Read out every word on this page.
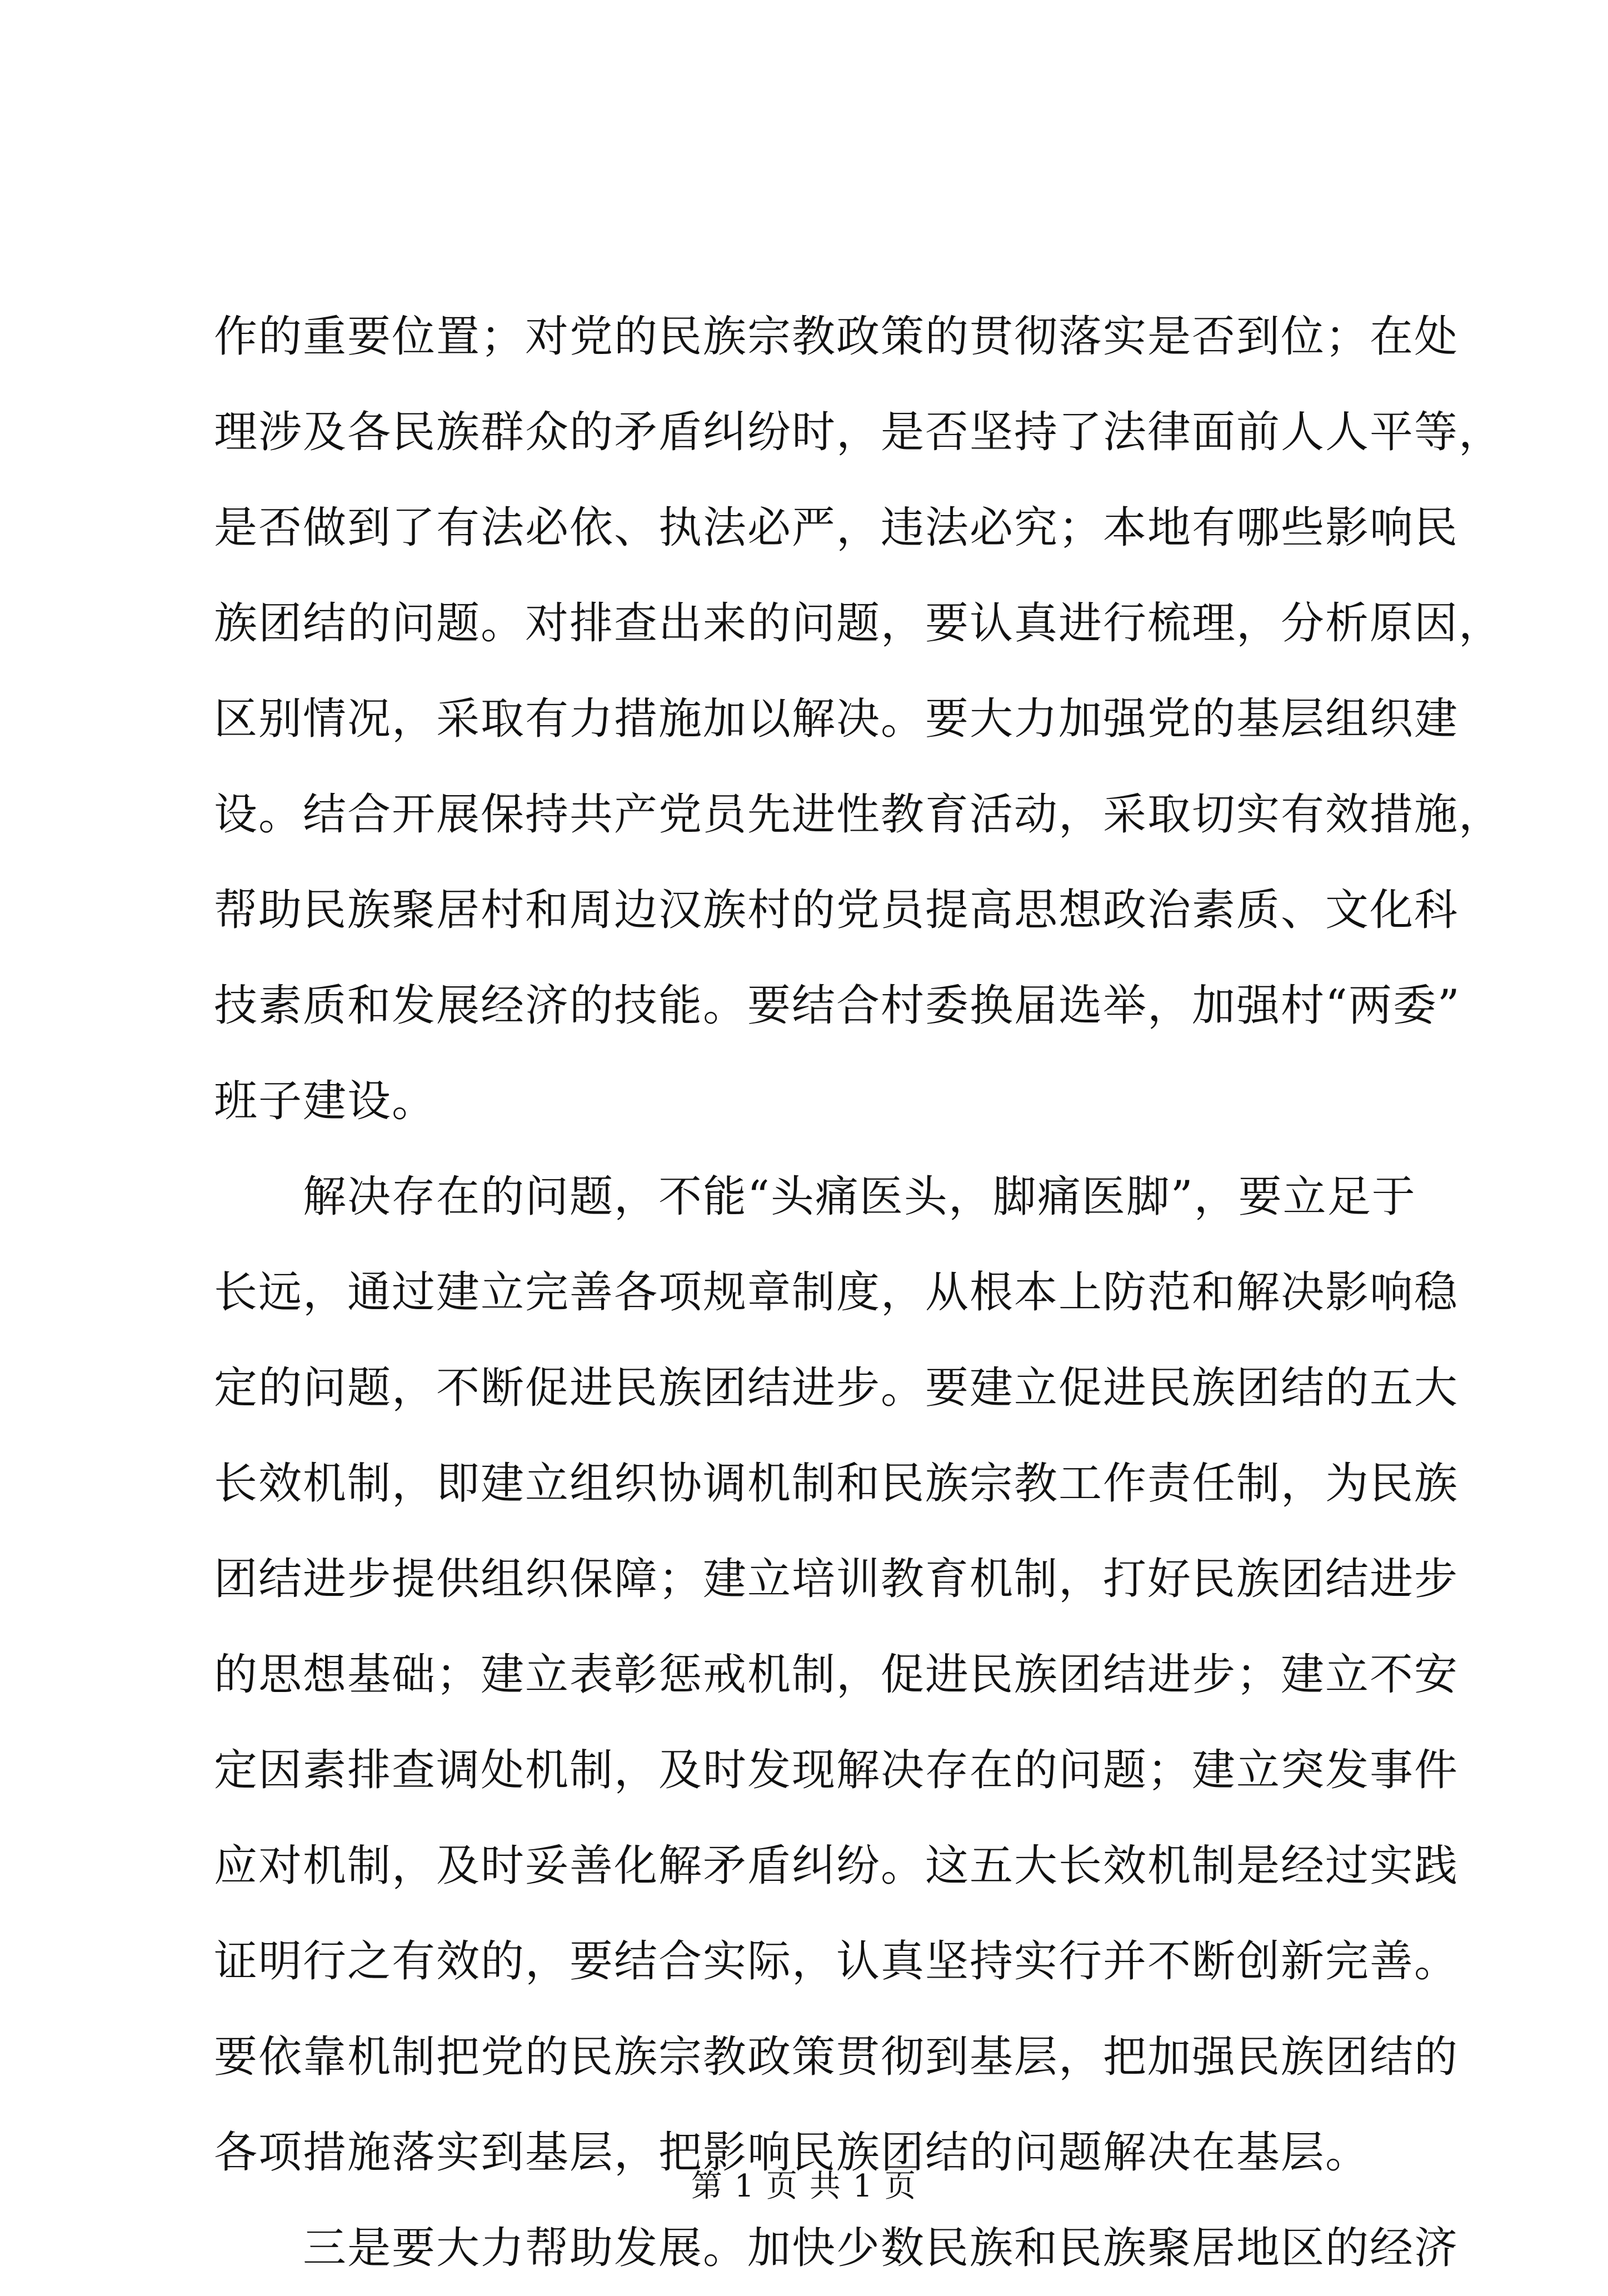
作的重要位置；对党的民族宗教政策的贯彻落实是否到位；在处
理涉及各民族群众的矛盾纠纷时，是否坚持了法律面前人人平等，
是否做到了有法必依、执法必严，违法必究；本地有哪些影响民
族团结的问题。对排查出来的问题，要认真进行梳理，分析原因，
区别情况，采取有力措施加以解决。要大力加强党的基层组织建
设。结合开展保持共产党员先进性教育活动，采取切实有效措施，
帮助民族聚居村和周边汉族村的党员提高思想政治素质、文化科
技素质和发展经济的技能。要结合村委换届选举，加强村“两委”
班子建设。
解决存在的问题，不能“头痛医头，脚痛医脚”，要立足于
长远，通过建立完善各项规章制度，从根本上防范和解决影响稳
定的问题，不断促进民族团结进步。要建立促进民族团结的五大
长效机制，即建立组织协调机制和民族宗教工作责任制，为民族
团结进步提供组织保障；建立培训教育机制，打好民族团结进步
的思想基础；建立表彰惩戒机制，促进民族团结进步；建立不安
定因素排查调处机制，及时发现解决存在的问题；建立突发事件
应对机制，及时妥善化解矛盾纠纷。这五大长效机制是经过实践
证明行之有效的，要结合实际，认真坚持实行并不断创新完善。
要依靠机制把党的民族宗教政策贯彻到基层，把加强民族团结的
各项措施落实到基层，把影响民族团结的问题解决在基层。
三是要大力帮助发展。加快少数民族和民族聚居地区的经济
第 1 页 共 1 页
